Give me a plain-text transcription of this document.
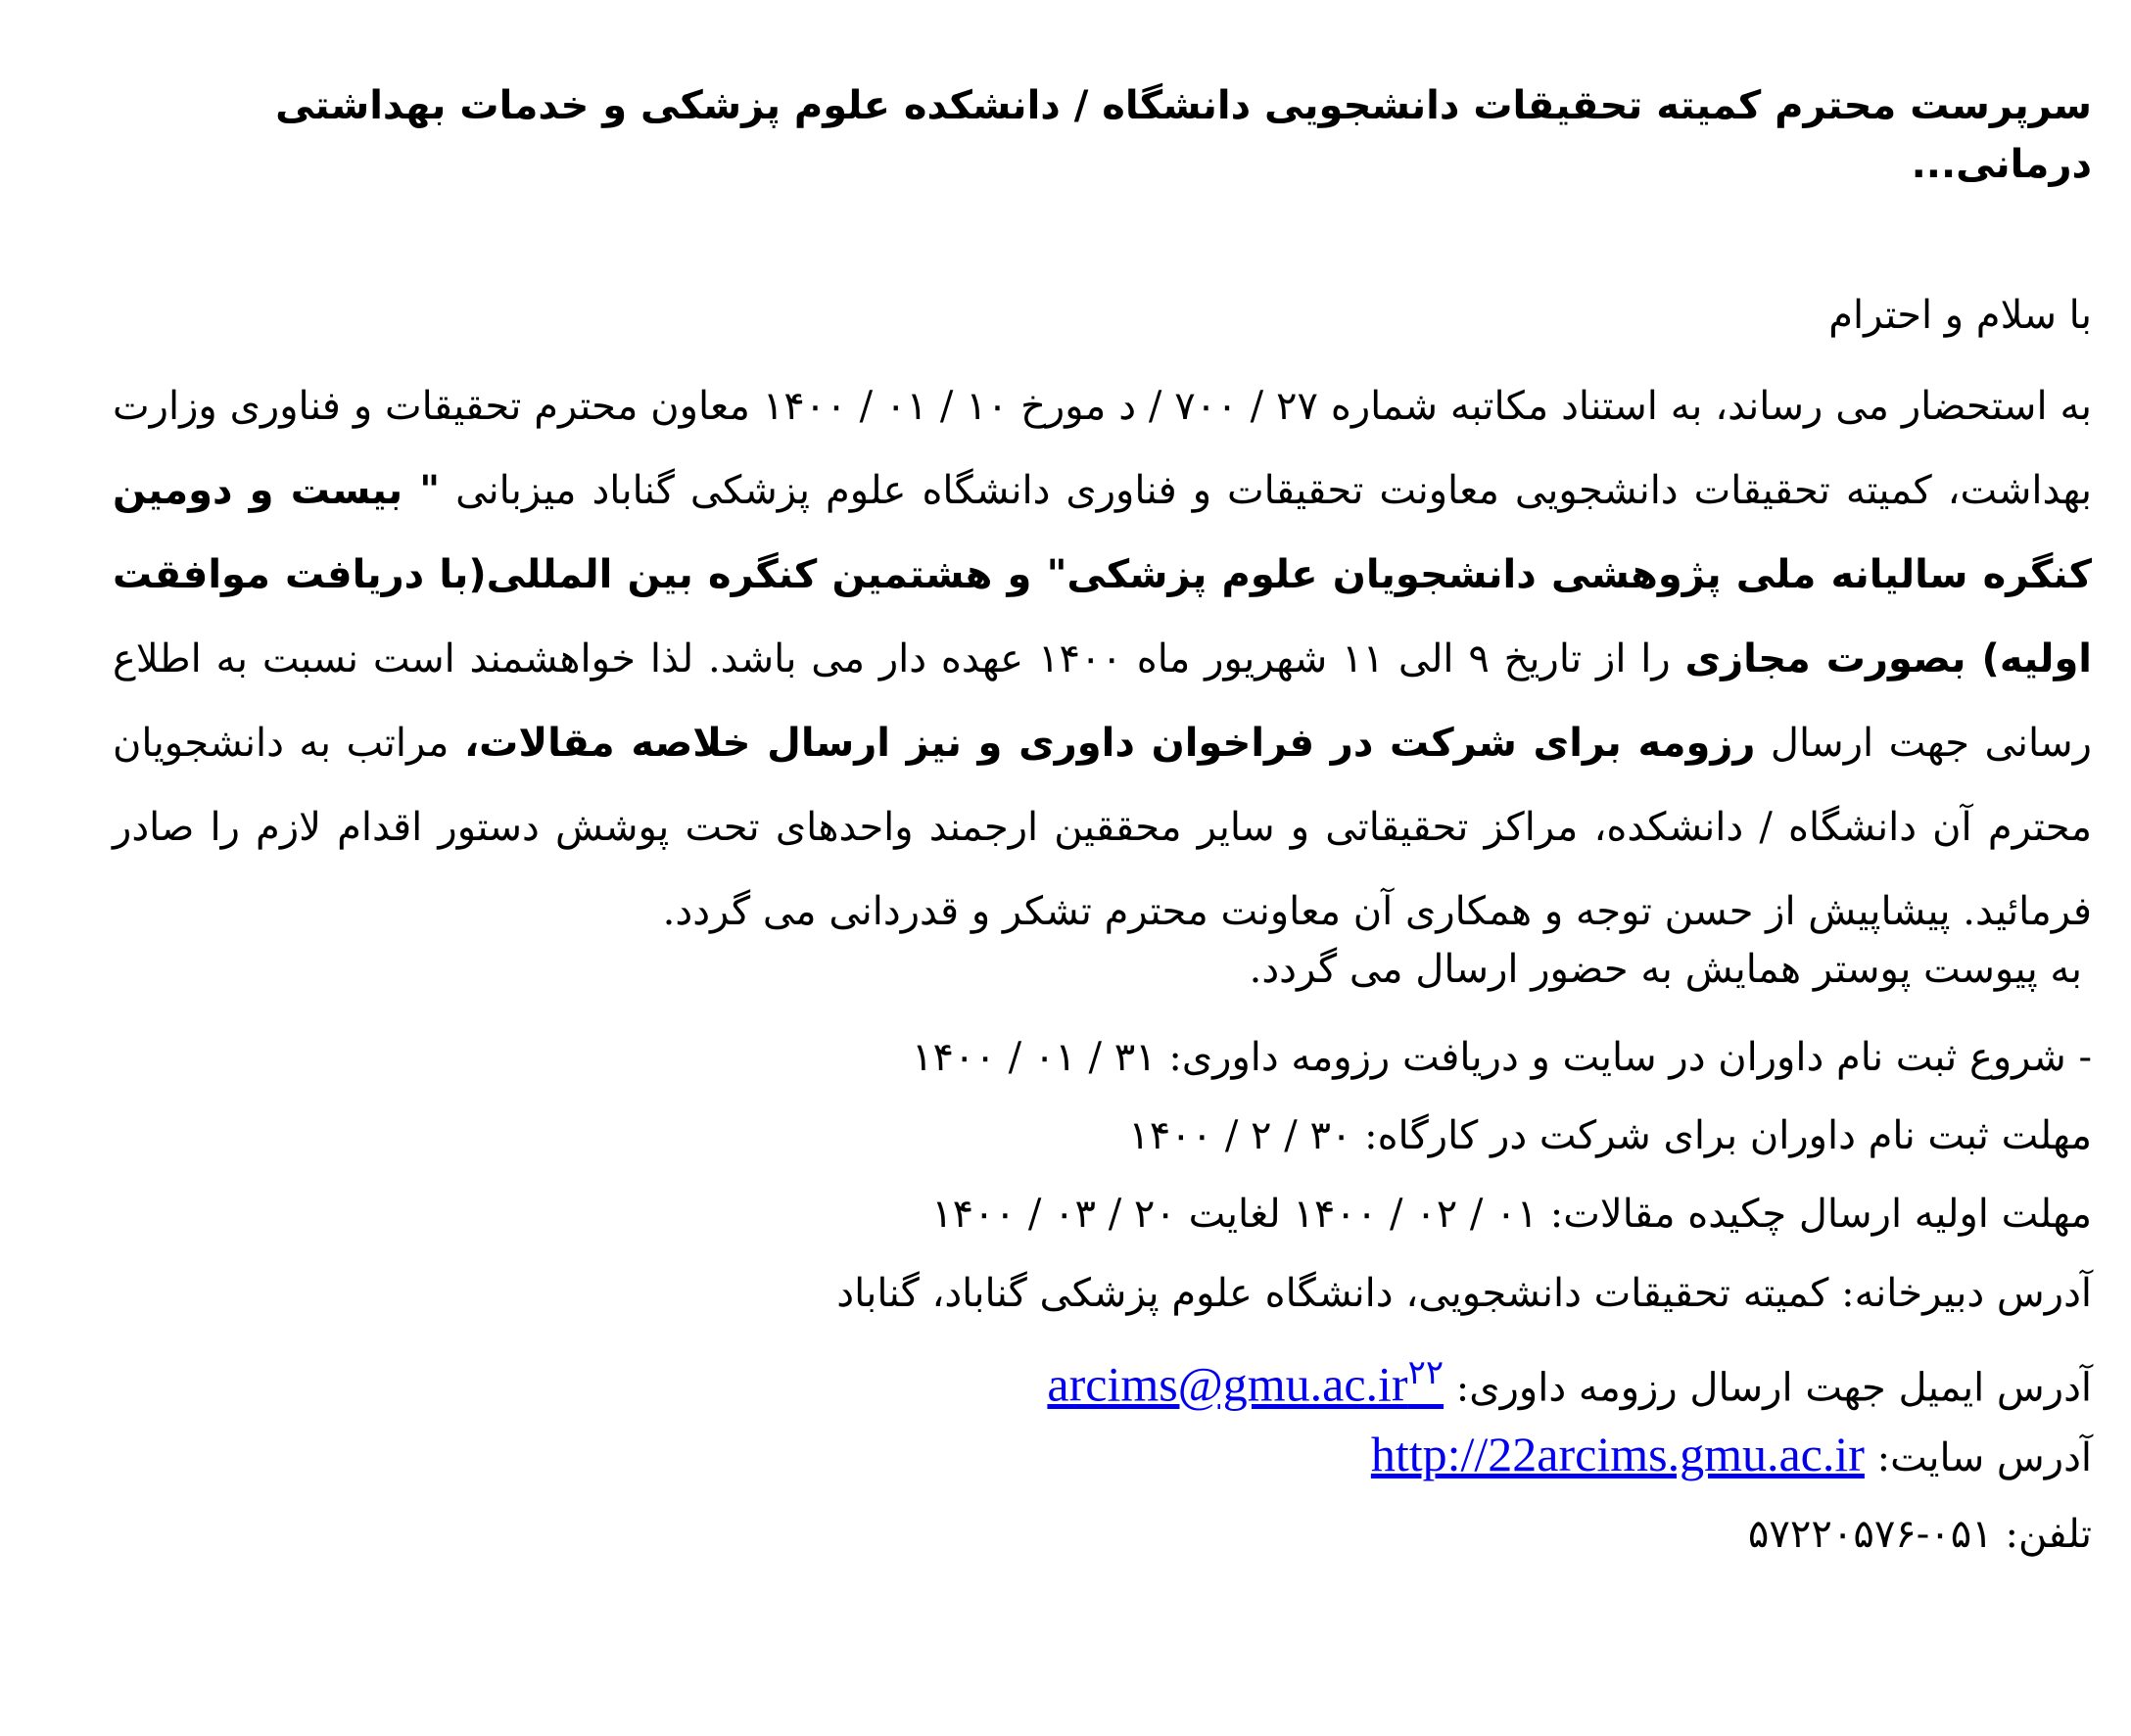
سرپرست محترم کمیته تحقیقات دانشجویی دانشگاه / دانشکده علوم پزشکی و خدمات بهداشتی درمانی...

با سلام و احترام

به استحضار می رساند، به استناد مکاتبه شماره ۲۷ / ۷۰۰ / د مورخ ۱۰ / ۰۱ / ۱۴۰۰ معاون محترم تحقیقات و فناوری وزارت بهداشت، کمیته تحقیقات دانشجویی معاونت تحقیقات و فناوری دانشگاه علوم پزشکی گناباد میزبانی " بیست و دومین کنگره سالیانه ملی پژوهشی دانشجویان علوم پزشکی" و هشتمین کنگره بین المللی(با دریافت موافقت اولیه) بصورت مجازی را از تاریخ ۹ الی ۱۱ شهریور ماه ۱۴۰۰ عهده دار می باشد. لذا خواهشمند است نسبت به اطلاع رسانی جهت ارسال رزومه برای شرکت در فراخوان داوری و نیز ارسال خلاصه مقالات، مراتب به دانشجویان محترم آن دانشگاه / دانشکده، مراکز تحقیقاتی و سایر محققین ارجمند واحدهای تحت پوشش دستور اقدام لازم را صادر فرمائید. پیشاپیش از حسن توجه و همکاری آن معاونت محترم تشکر و قدردانی می گردد.

به پیوست پوستر همایش به حضور ارسال می گردد.

- شروع ثبت نام داوران در سایت و دریافت رزومه داوری: ۳۱ / ۰۱ / ۱۴۰۰
مهلت ثبت نام داوران برای شرکت در کارگاه: ۳۰ / ۲ / ۱۴۰۰
مهلت اولیه ارسال چکیده مقالات: ۰۱ / ۰۲ / ۱۴۰۰ لغایت ۲۰ / ۰۳ / ۱۴۰۰
آدرس دبیرخانه: کمیته تحقیقات دانشجویی، دانشگاه علوم پزشکی گناباد، گناباد
آدرس ایمیل جهت ارسال رزومه داوری: $arcims@gmu.ac.ir^{۲۲}$
آدرس سایت: http://22arcims.gmu.ac.ir
تلفن: ۰۵۱-۵۷۲۲۰۵۷۶
